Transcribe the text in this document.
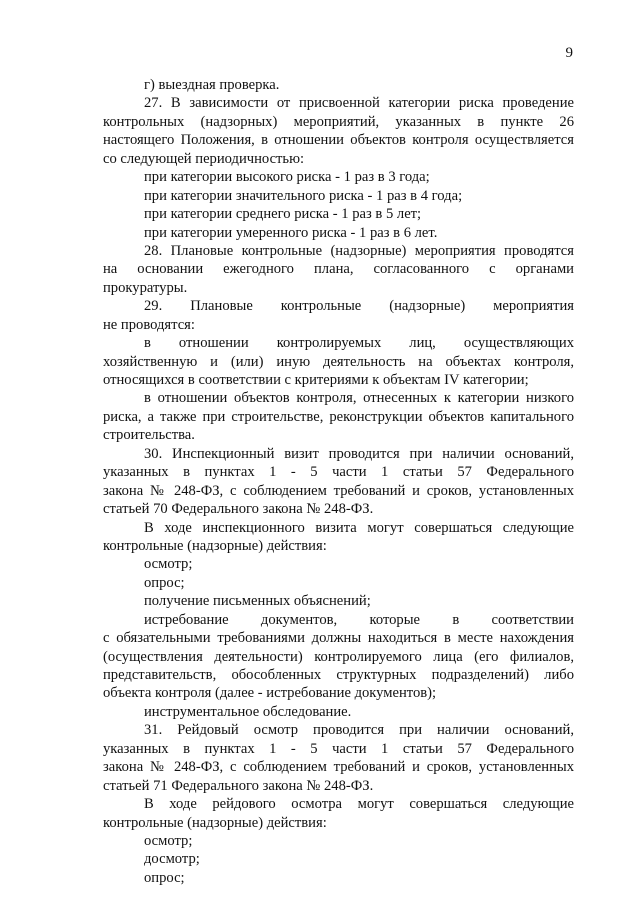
9
г) выездная проверка.
27. В зависимости от присвоенной категории риска проведение
контрольных (надзорных) мероприятий, указанных в пункте 26
настоящего Положения, в отношении объектов контроля осуществляется
со следующей периодичностью:
при категории высокого риска - 1 раз в 3 года;
при категории значительного риска - 1 раз в 4 года;
при категории среднего риска - 1 раз в 5 лет;
при категории умеренного риска - 1 раз в 6 лет.
28. Плановые контрольные (надзорные) мероприятия проводятся
на основании ежегодного плана, согласованного с органами
прокуратуры.
29. Плановые контрольные (надзорные) мероприятия
не проводятся:
в отношении контролируемых лиц, осуществляющих
хозяйственную и (или) иную деятельность на объектах контроля,
относящихся в соответствии с критериями к объектам IV категории;
в отношении объектов контроля, отнесенных к категории низкого
риска, а также при строительстве, реконструкции объектов капитального
строительства.
30. Инспекционный визит проводится при наличии оснований,
указанных в пунктах 1 - 5 части 1 статьи 57 Федерального
закона № 248-ФЗ, с соблюдением требований и сроков, установленных
статьей 70 Федерального закона № 248-ФЗ.
В ходе инспекционного визита могут совершаться следующие
контрольные (надзорные) действия:
осмотр;
опрос;
получение письменных объяснений;
истребование документов, которые в соответствии
с обязательными требованиями должны находиться в месте нахождения
(осуществления деятельности) контролируемого лица (его филиалов,
представительств, обособленных структурных подразделений) либо
объекта контроля (далее - истребование документов);
инструментальное обследование.
31. Рейдовый осмотр проводится при наличии оснований,
указанных в пунктах 1 - 5 части 1 статьи 57 Федерального
закона № 248-ФЗ, с соблюдением требований и сроков, установленных
статьей 71 Федерального закона № 248-ФЗ.
В ходе рейдового осмотра могут совершаться следующие
контрольные (надзорные) действия:
осмотр;
досмотр;
опрос;
